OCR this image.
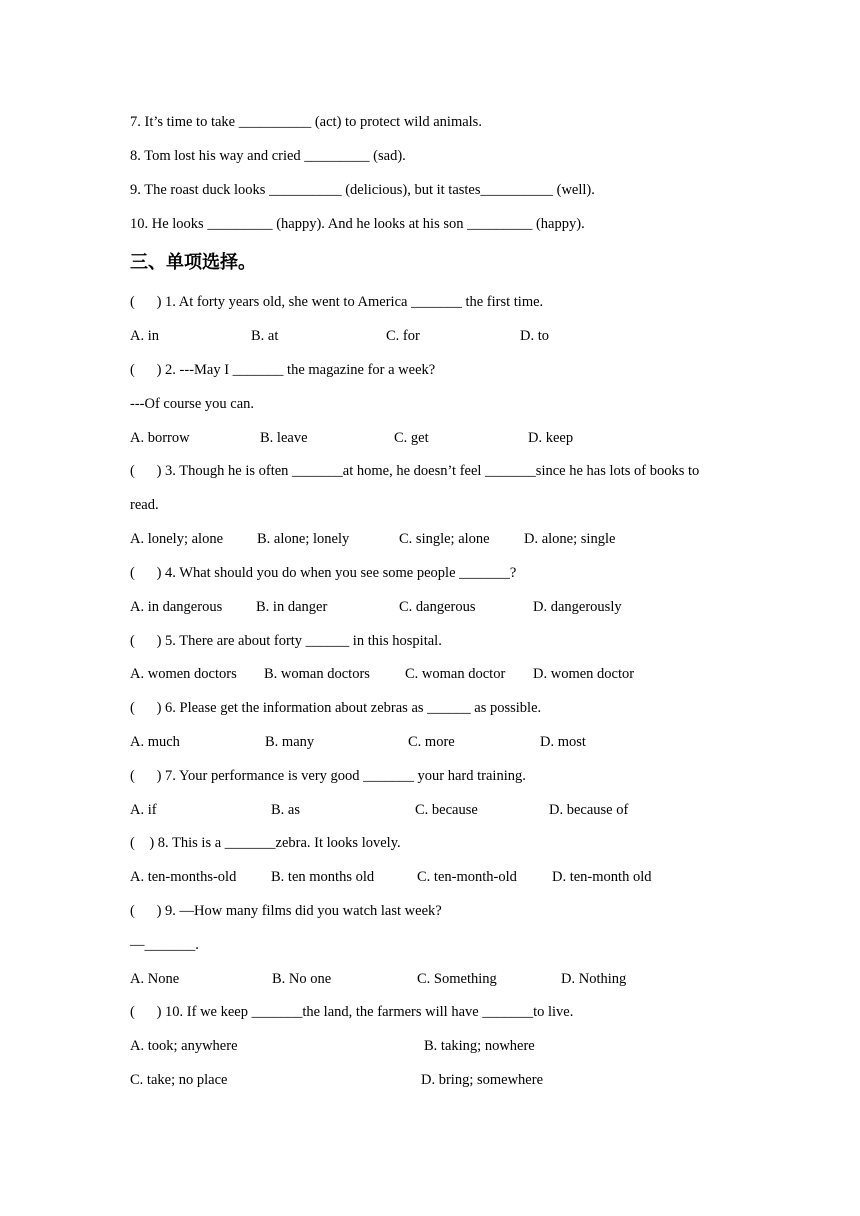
7. It’s time to take __________ (act) to protect wild animals.
8. Tom lost his way and cried _________ (sad).
9. The roast duck looks __________ (delicious), but it tastes__________ (well).
10. He looks _________ (happy). And he looks at his son _________ (happy).
三、单项选择。
(      ) 1. At forty years old, she went to America _______ the first time.
A. in	B. at	C. for	D. to
(      ) 2. ---May I _______ the magazine for a week?
---Of course you can.
A. borrow	B. leave	C. get	D. keep
(      ) 3. Though he is often _______at home, he doesn’t feel _______since he has lots of books to
read.
A. lonely; alone B. alone; lonely	C. single; alone D. alone; single
(      ) 4. What should you do when you see some people _______?
A. in dangerous B. in danger	C. dangerous	D. dangerously
(      ) 5. There are about forty ______ in this hospital.
A. women doctors B. woman doctors C. woman doctor D. women doctor
(      ) 6. Please get the information about zebras as ______ as possible.
A. much	B. many	C. more	D. most
(      ) 7. Your performance is very good _______ your hard training.
A. if	B. as	C. because	D. because of
(    ) 8. This is a _______zebra. It looks lovely.
A. ten-months-old B. ten months old	C. ten-month-old D. ten-month old
(      ) 9. —How many films did you watch last week?
—_______.
A. None	B. No one	C. Something	D. Nothing
(      ) 10. If we keep _______the land, the farmers will have _______to live.
A. took; anywhere	B. taking; nowhere
C. take; no place	D. bring; somewhere
